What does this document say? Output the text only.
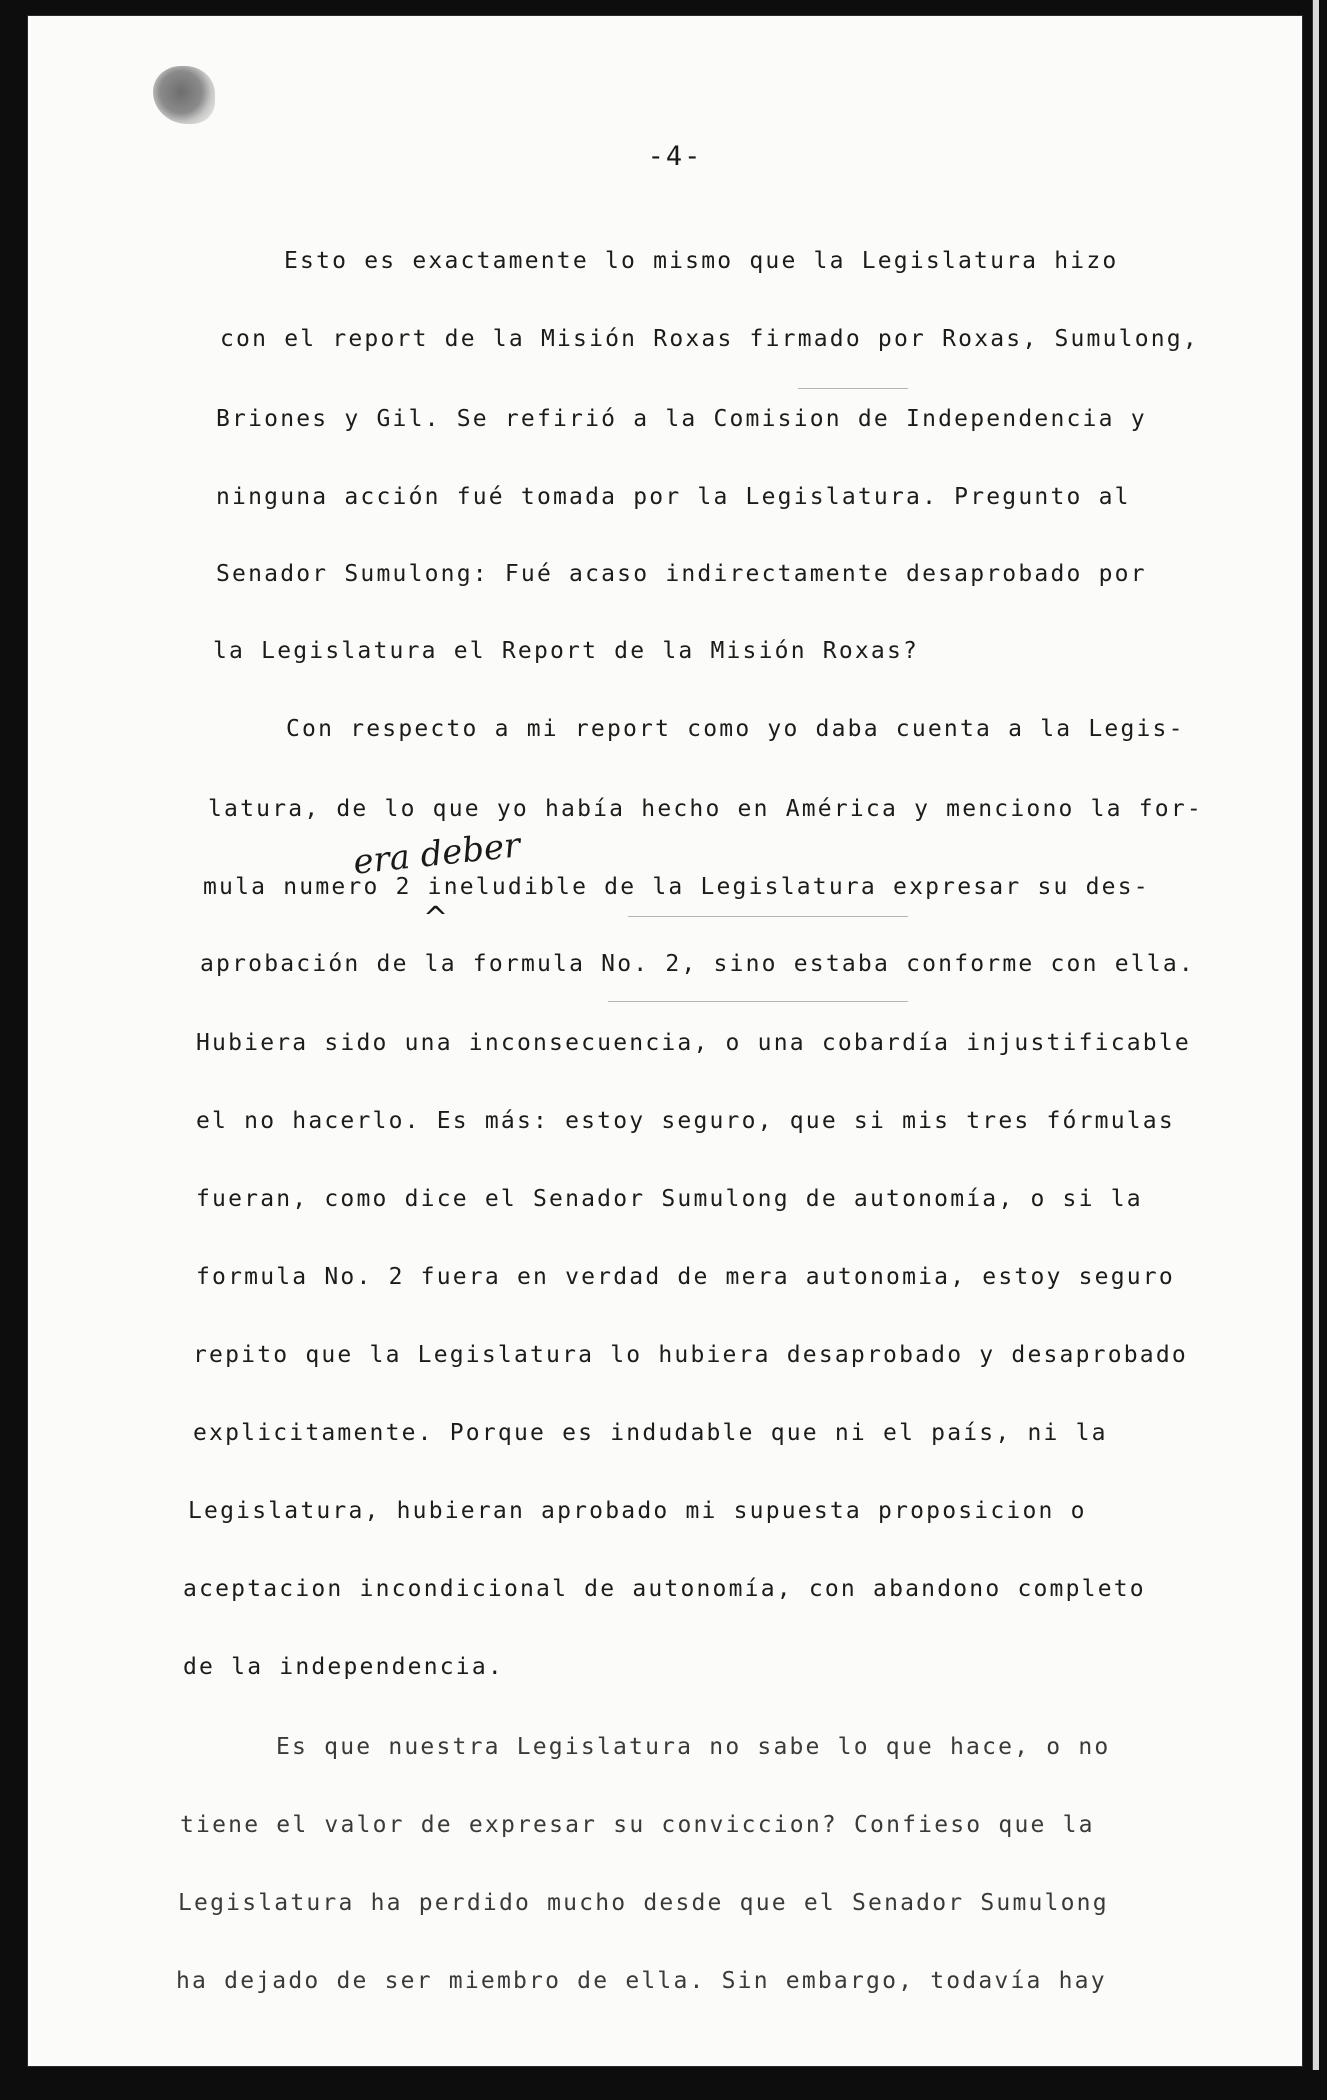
-4-
Esto es exactamente lo mismo que la Legislatura hizo
con el report de la Misión Roxas firmado por Roxas, Sumulong,
Briones y Gil. Se refirió a la Comision de Independencia y
ninguna acción fué tomada por la Legislatura. Pregunto al
Senador Sumulong: Fué acaso indirectamente desaprobado por
la Legislatura el Report de la Misión Roxas?
Con respecto a mi report como yo daba cuenta a la Legis-
latura, de lo que yo había hecho en América y menciono la for-
era deber
mula numero 2 ineludible de la Legislatura expresar su des-
^
aprobación de la formula No. 2, sino estaba conforme con ella.
Hubiera sido una inconsecuencia, o una cobardía injustificable
el no hacerlo. Es más: estoy seguro, que si mis tres fórmulas
fueran, como dice el Senador Sumulong de autonomía, o si la
formula No. 2 fuera en verdad de mera autonomia, estoy seguro
repito que la Legislatura lo hubiera desaprobado y desaprobado
explicitamente. Porque es indudable que ni el país, ni la
Legislatura, hubieran aprobado mi supuesta proposicion o
aceptacion incondicional de autonomía, con abandono completo
de la independencia.
Es que nuestra Legislatura no sabe lo que hace, o no
tiene el valor de expresar su conviccion? Confieso que la
Legislatura ha perdido mucho desde que el Senador Sumulong
ha dejado de ser miembro de ella. Sin embargo, todavía hay
